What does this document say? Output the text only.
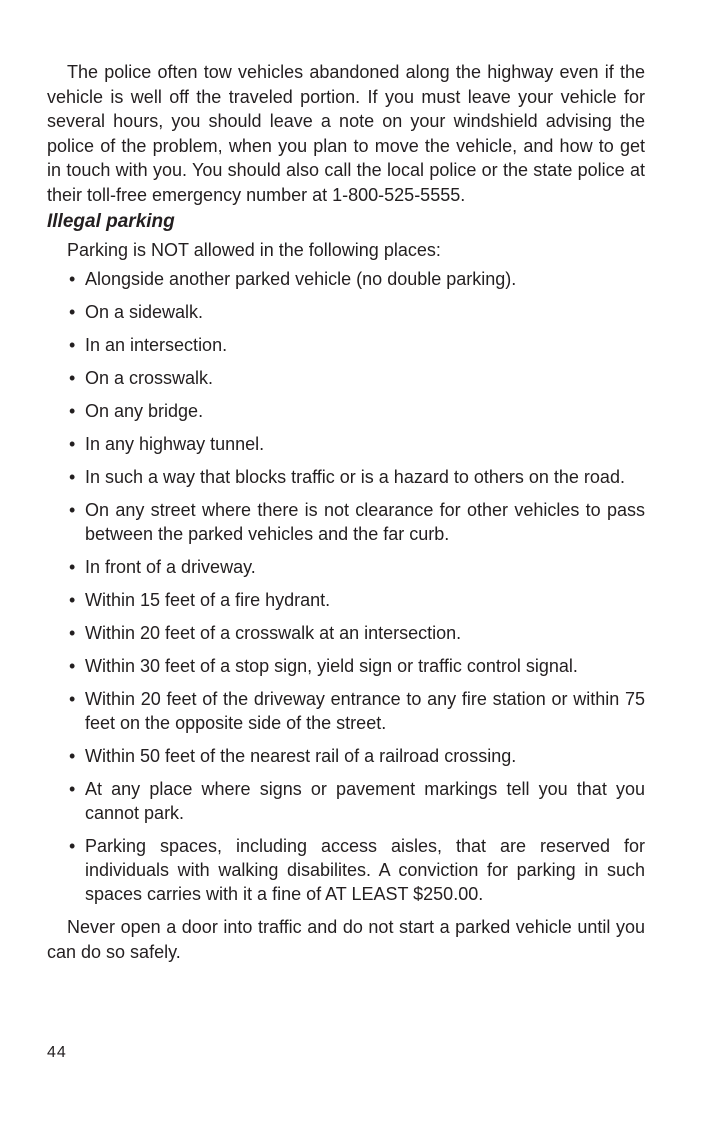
The police often tow vehicles abandoned along the highway even if the vehicle is well off the traveled portion. If you must leave your vehicle for several hours, you should leave a note on your windshield advising the police of the problem, when you plan to move the vehicle, and how to get in touch with you. You should also call the local police or the state police at their toll-free emergency number at 1-800-525-5555.

Illegal parking

Parking is NOT allowed in the following places:

• Alongside another parked vehicle (no double parking).
• On a sidewalk.
• In an intersection.
• On a crosswalk.
• On any bridge.
• In any highway tunnel.
• In such a way that blocks traffic or is a hazard to others on the road.
• On any street where there is not clearance for other vehicles to pass between the parked vehicles and the far curb.
• In front of a driveway.
• Within 15 feet of a fire hydrant.
• Within 20 feet of a crosswalk at an intersection.
• Within 30 feet of a stop sign, yield sign or traffic control signal.
• Within 20 feet of the driveway entrance to any fire station or within 75 feet on the opposite side of the street.
• Within 50 feet of the nearest rail of a railroad crossing.
• At any place where signs or pavement markings tell you that you cannot park.
• Parking spaces, including access aisles, that are reserved for individuals with walking disabilites. A conviction for parking in such spaces carries with it a fine of AT LEAST $250.00.

Never open a door into traffic and do not start a parked vehicle until you can do so safely.

44
